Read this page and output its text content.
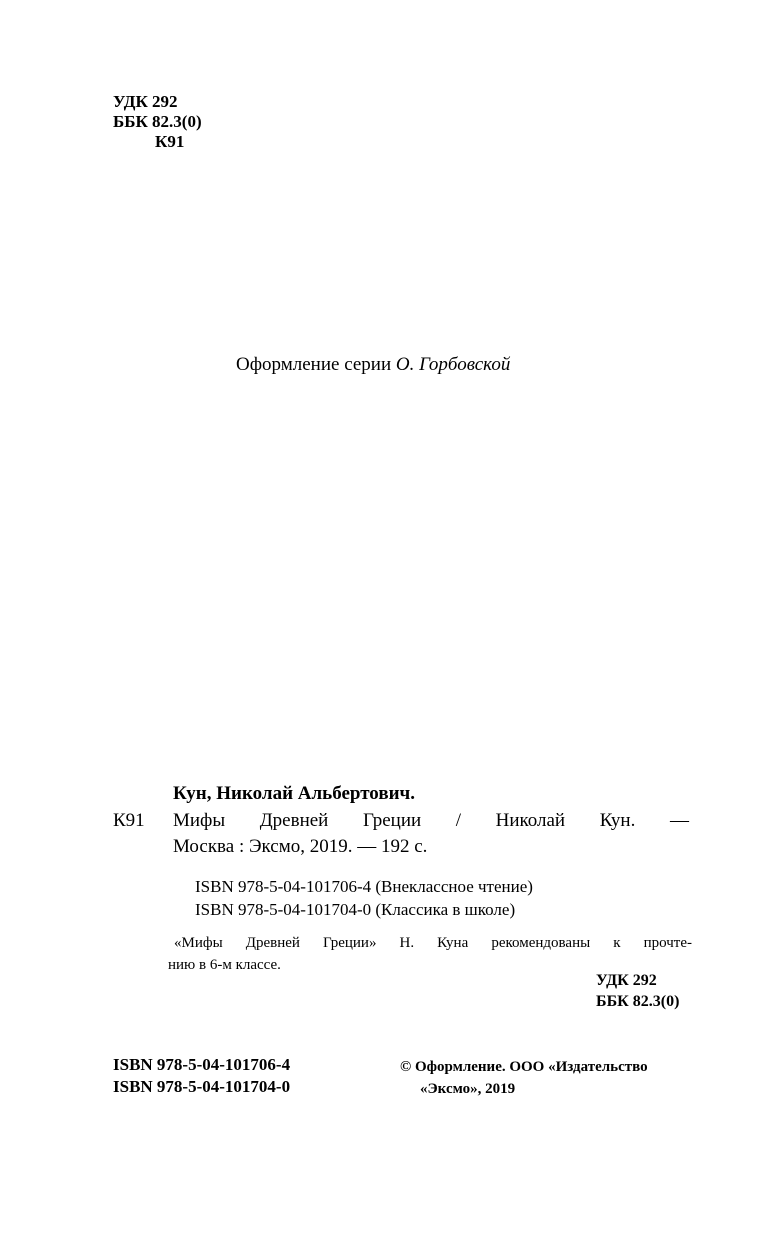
УДК 292
ББК 82.3(0)
К91
Оформление серии О. Горбовской
Кун, Николай Альбертович.
К91 Мифы Древней Греции / Николай Кун. —
Москва : Эксмо, 2019. — 192 с.
ISBN 978-5-04-101706-4 (Внеклассное чтение)
ISBN 978-5-04-101704-0 (Классика в школе)
«Мифы Древней Греции» Н. Куна рекомендованы к прочте-
нию в 6-м классе.
УДК 292
ББК 82.3(0)
ISBN 978-5-04-101706-4
ISBN 978-5-04-101704-0
© Оформление. ООО «Издательство
«Эксмо», 2019
